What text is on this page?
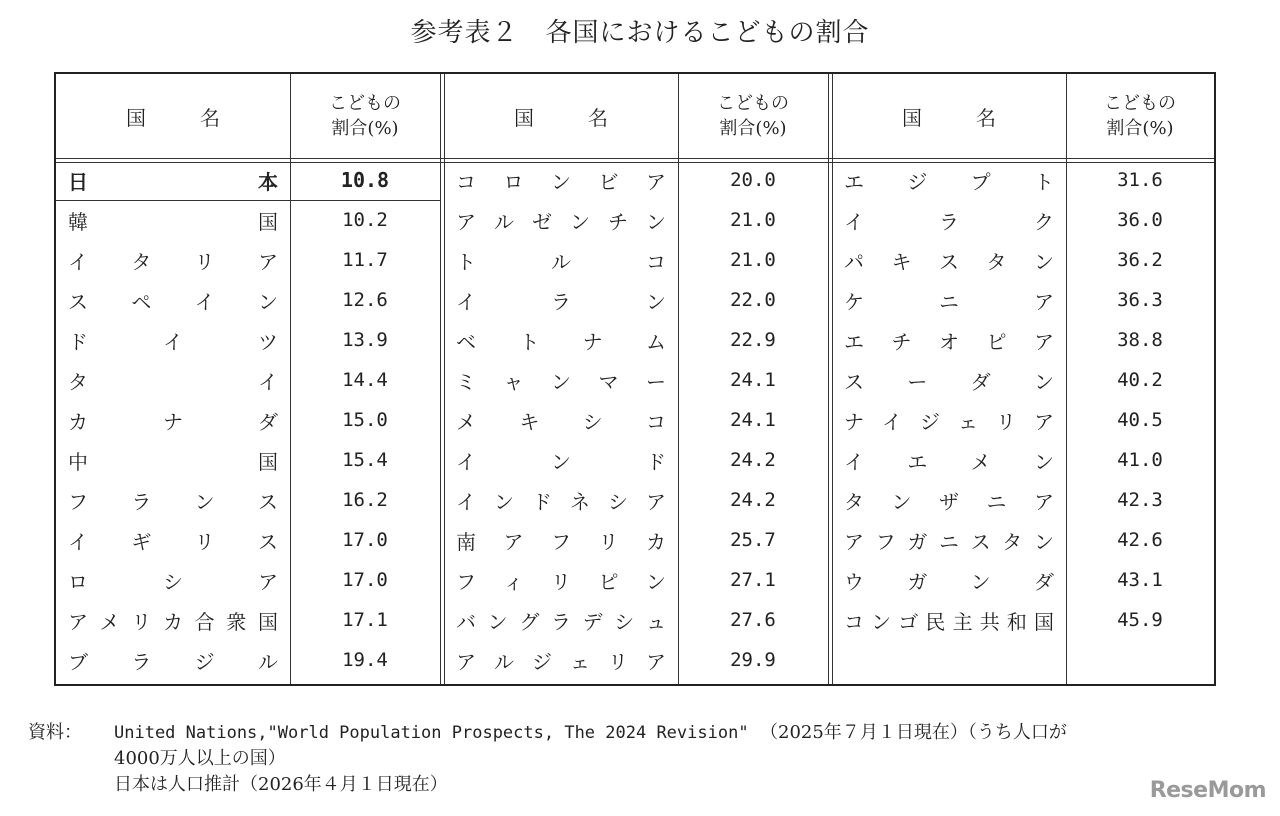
参考表２　各国におけるこどもの割合
国	名
こどもの
割合(%)
日	本	10.8
韓	国	10.2
イ タ リ ア	11.7
ス ペ イ ン	12.6
ド	イ	ツ	13.9
タ	イ	14.4
カ	ナ	ダ	15.0
中	国	15.4
フ ラ ン ス	16.2
イ ギ リ ス	17.0
ロ	シ	ア	17.0
ア メ リ カ 合 衆 国	17.1
ブ ラ ジ ル	19.4
国	名
こどもの
割合(%)
コ ロ ン ビ ア	20.0
ア ル ゼ ン チ ン	21.0
ト	ル	コ	21.0
イ	ラ	ン	22.0
ベ ト ナ ム	22.9
ミ ャ ン マ ー	24.1
メ キ シ コ	24.1
イ	ン	ド	24.2
イ ン ド ネ シ ア	24.2
南 ア フ リ カ	25.7
フ ィ リ ピ ン	27.1
バ ン グ ラ デ シ ュ	27.6
ア ル ジ ェ リ ア	29.9
国	名
こどもの
割合(%)
エ ジ プ ト	31.6
イ	ラ	ク	36.0
パ キ ス タ ン	36.2
ケ	ニ	ア	36.3
エ チ オ ピ ア	38.8
ス ー ダ ン	40.2
ナ イ ジ ェ リ ア	40.5
イ エ メ ン	41.0
タ ン ザ ニ ア	42.3
ア フ ガ ニ ス タ ン	42.6
ウ ガ ン ダ	43.1
コ ン ゴ 民 主 共 和 国	45.9
資料：	United Nations,"World Population Prospects, The 2024 Revision" （2025年７月１日現在）（うち人口が
4000万人以上の国）
日本は人口推計（2026年４月１日現在）	ReseMom
